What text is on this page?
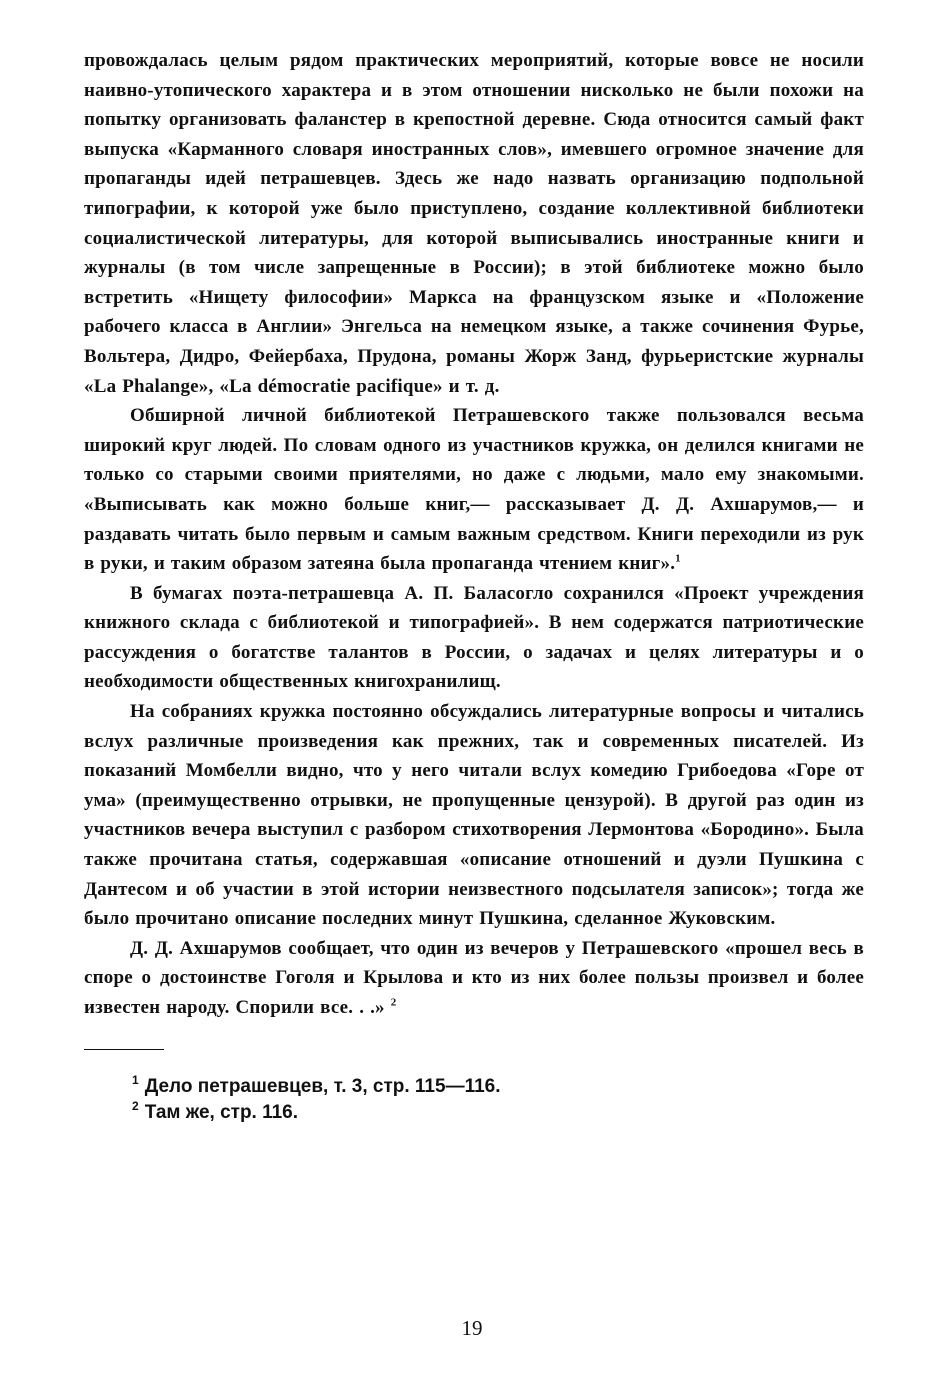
провождалась целым рядом практических мероприятий, которые вовсе не носили наивно-утопического характера и в этом отношении нисколько не были похожи на попытку организовать фаланстер в крепостной деревне. Сюда относится самый факт выпуска «Карманного словаря иностранных слов», имевшего огромное значение для пропаганды идей петрашевцев. Здесь же надо назвать организацию подпольной типографии, к которой уже было приступлено, создание коллективной библиотеки социалистической литературы, для которой выписывались иностранные книги и журналы (в том числе запрещенные в России); в этой библиотеке можно было встретить «Нищету философии» Маркса на французском языке и «Положение рабочего класса в Англии» Энгельса на немецком языке, а также сочинения Фурье, Вольтера, Дидро, Фейербаха, Прудона, романы Жорж Занд, фурьеристские журналы «La Phalange», «La démocratie pacifique» и т. д.

Обширной личной библиотекой Петрашевского также пользовался весьма широкий круг людей. По словам одного из участников кружка, он делился книгами не только со старыми своими приятелями, но даже с людьми, мало ему знакомыми. «Выписывать как можно больше книг,— рассказывает Д. Д. Ахшарумов,— и раздавать читать было первым и самым важным средством. Книги переходили из рук в руки, и таким образом затеяна была пропаганда чтением книг».$^1$

В бумагах поэта-петрашевца А. П. Баласогло сохранился «Проект учреждения книжного склада с библиотекой и типографией». В нем содержатся патриотические рассуждения о богатстве талантов в России, о задачах и целях литературы и о необходимости общественных книгохранилищ.

На собраниях кружка постоянно обсуждались литературные вопросы и читались вслух различные произведения как прежних, так и современных писателей. Из показаний Момбелли видно, что у него читали вслух комедию Грибоедова «Горе от ума» (преимущественно отрывки, не пропущенные цензурой). В другой раз один из участников вечера выступил с разбором стихотворения Лермонтова «Бородино». Была также прочитана статья, содержавшая «описание отношений и дуэли Пушкина с Дантесом и об участии в этой истории неизвестного подсылателя записок»; тогда же было прочитано описание последних минут Пушкина, сделанное Жуковским.

Д. Д. Ахшарумов сообщает, что один из вечеров у Петрашевского «прошел весь в споре о достоинстве Гоголя и Крылова и кто из них более пользы произвел и более известен народу. Спорили все. . .» $^2$

$^1$ Дело петрашевцев, т. 3, стр. 115—116.

$^2$ Там же, стр. 116.

19
